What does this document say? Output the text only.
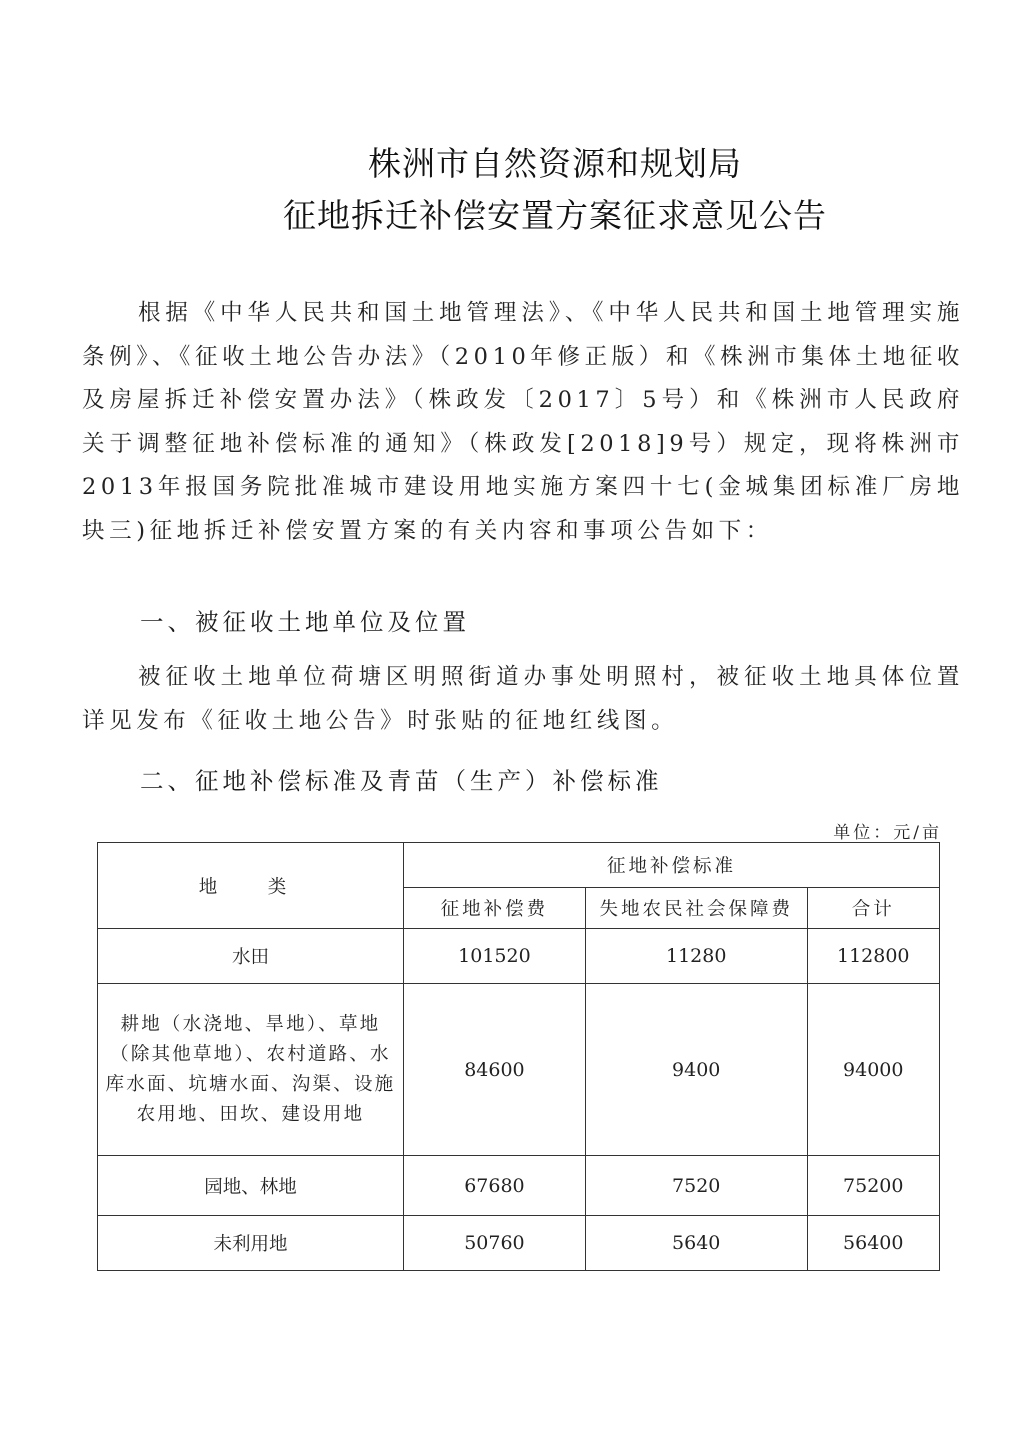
株洲市自然资源和规划局
征地拆迁补偿安置方案征求意见公告
根据《中华人民共和国土地管理法》、《中华人民共和国土地管理实施条例》、《征收土地公告办法》（2010年修正版）和《株洲市集体土地征收及房屋拆迁补偿安置办法》（株政发〔2017〕5号）和《株洲市人民政府关于调整征地补偿标准的通知》（株政发[2018]9号）规定，现将株洲市2013年报国务院批准城市建设用地实施方案四十七(金城集团标准厂房地块三)征地拆迁补偿安置方案的有关内容和事项公告如下：
一、被征收土地单位及位置
被征收土地单位荷塘区明照街道办事处明照村，被征收土地具体位置详见发布《征收土地公告》时张贴的征地红线图。
二、征地补偿标准及青苗（生产）补偿标准
单位：元/亩
地　类	征地补偿标准		
	征地补偿费	失地农民社会保障费	合计
水田	101520	11280	112800
耕地（水浇地、旱地）、草地（除其他草地）、农村道路、水库水面、坑塘水面、沟渠、设施农用地、田坎、建设用地	84600	9400	94000
园地、林地	67680	7520	75200
未利用地	50760	5640	56400
